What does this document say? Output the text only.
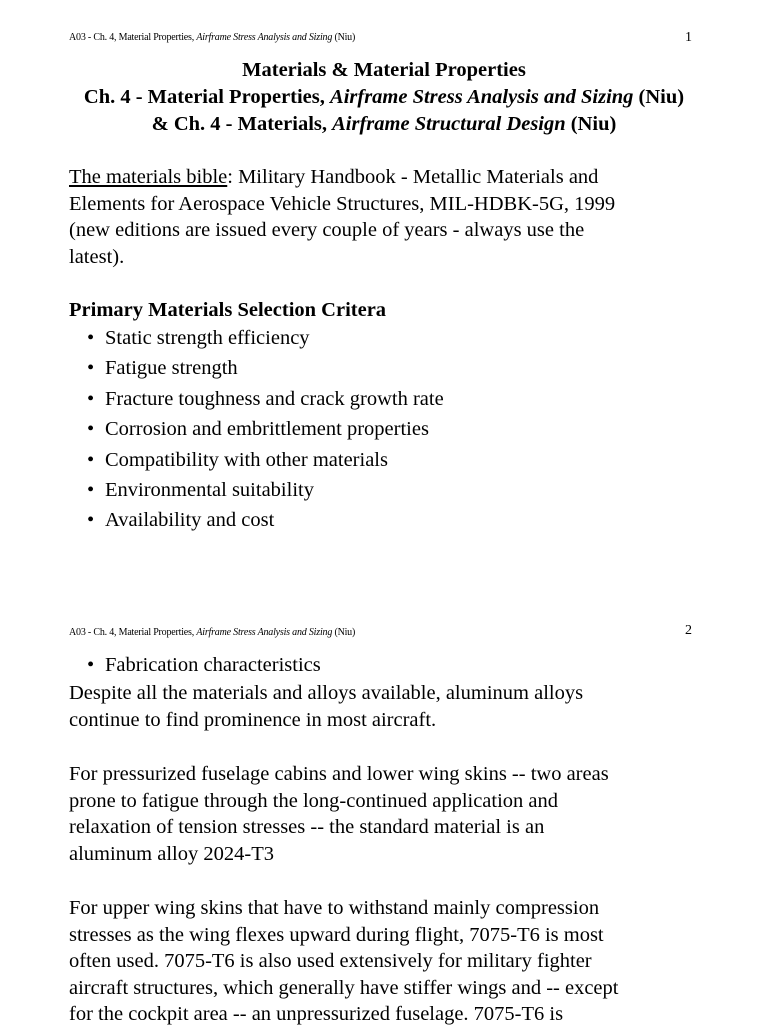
A03 - Ch. 4, Material Properties, Airframe Stress Analysis and Sizing (Niu)	1
Materials & Material Properties
Ch. 4 - Material Properties, Airframe Stress Analysis and Sizing (Niu)
& Ch. 4 - Materials, Airframe Structural Design (Niu)
The materials bible: Military Handbook - Metallic Materials and
Elements for Aerospace Vehicle Structures, MIL-HDBK-5G, 1999
(new editions are issued every couple of years - always use the
latest).
Primary Materials Selection Critera
• Static strength efficiency
• Fatigue strength
• Fracture toughness and crack growth rate
• Corrosion and embrittlement properties
• Compatibility with other materials
• Environmental suitability
• Availability and cost
A03 - Ch. 4, Material Properties, Airframe Stress Analysis and Sizing (Niu)	2
• Fabrication characteristics
Despite all the materials and alloys available, aluminum alloys
continue to find prominence in most aircraft.
For pressurized fuselage cabins and lower wing skins -- two areas
prone to fatigue through the long-continued application and
relaxation of tension stresses -- the standard material is an
aluminum alloy 2024-T3
For upper wing skins that have to withstand mainly compression
stresses as the wing flexes upward during flight, 7075-T6 is most
often used. 7075-T6 is also used extensively for military fighter
aircraft structures, which generally have stiffer wings and -- except
for the cockpit area -- an unpressurized fuselage. 7075-T6 is
